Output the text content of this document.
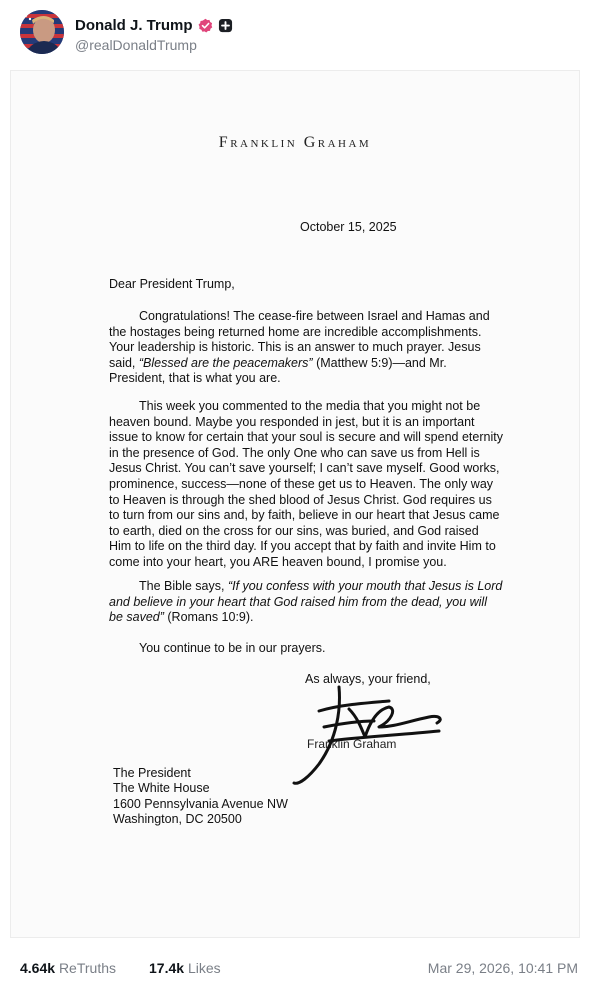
Donald J. Trump
@realDonaldTrump
Franklin Graham
October 15, 2025
Dear President Trump,
Congratulations! The cease-fire between Israel and Hamas and the hostages being returned home are incredible accomplishments. Your leadership is historic. This is an answer to much prayer. Jesus said, “Blessed are the peacemakers” (Matthew 5:9)—and Mr. President, that is what you are.
This week you commented to the media that you might not be heaven bound. Maybe you responded in jest, but it is an important issue to know for certain that your soul is secure and will spend eternity in the presence of God. The only One who can save us from Hell is Jesus Christ. You can’t save yourself; I can’t save myself. Good works, prominence, success—none of these get us to Heaven. The only way to Heaven is through the shed blood of Jesus Christ. God requires us to turn from our sins and, by faith, believe in our heart that Jesus came to earth, died on the cross for our sins, was buried, and God raised Him to life on the third day. If you accept that by faith and invite Him to come into your heart, you ARE heaven bound, I promise you.
The Bible says, “If you confess with your mouth that Jesus is Lord and believe in your heart that God raised him from the dead, you will be saved” (Romans 10:9).
You continue to be in our prayers.
As always, your friend,
Franklin Graham
The President
The White House
1600 Pennsylvania Avenue NW
Washington, DC 20500
4.64k ReTruths 17.4k Likes	Mar 29, 2026, 10:41 PM
